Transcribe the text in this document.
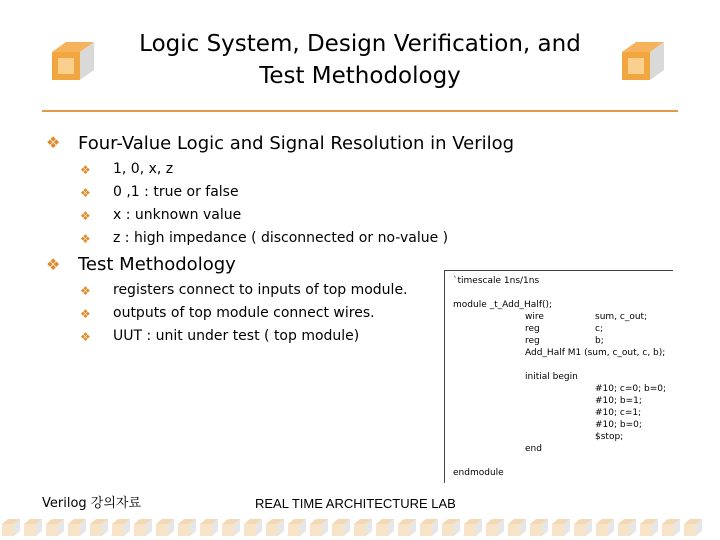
Logic System, Design Verification, and
Test Methodology
❖ Four-Value Logic and Signal Resolution in Verilog
❖ 1, 0, x, z
❖ 0 ,1 : true or false
❖ x : unknown value
❖ z : high impedance ( disconnected or no-value )
❖ Test Methodology
❖ registers connect to inputs of top module.
❖ outputs of top module connect wires.
❖ UUT : unit under test ( top module)
`timescale 1ns/1ns
module _t_Add_Half();
wire	sum, c_out;
reg	c;
reg	b;
Add_Half M1 (sum, c_out, c, b);
initial begin
#10; c=0; b=0;
#10; b=1;
#10; c=1;
#10; b=0;
$stop;
end
endmodule
Verilog 강의자료	REAL TIME ARCHITECTURE LAB
